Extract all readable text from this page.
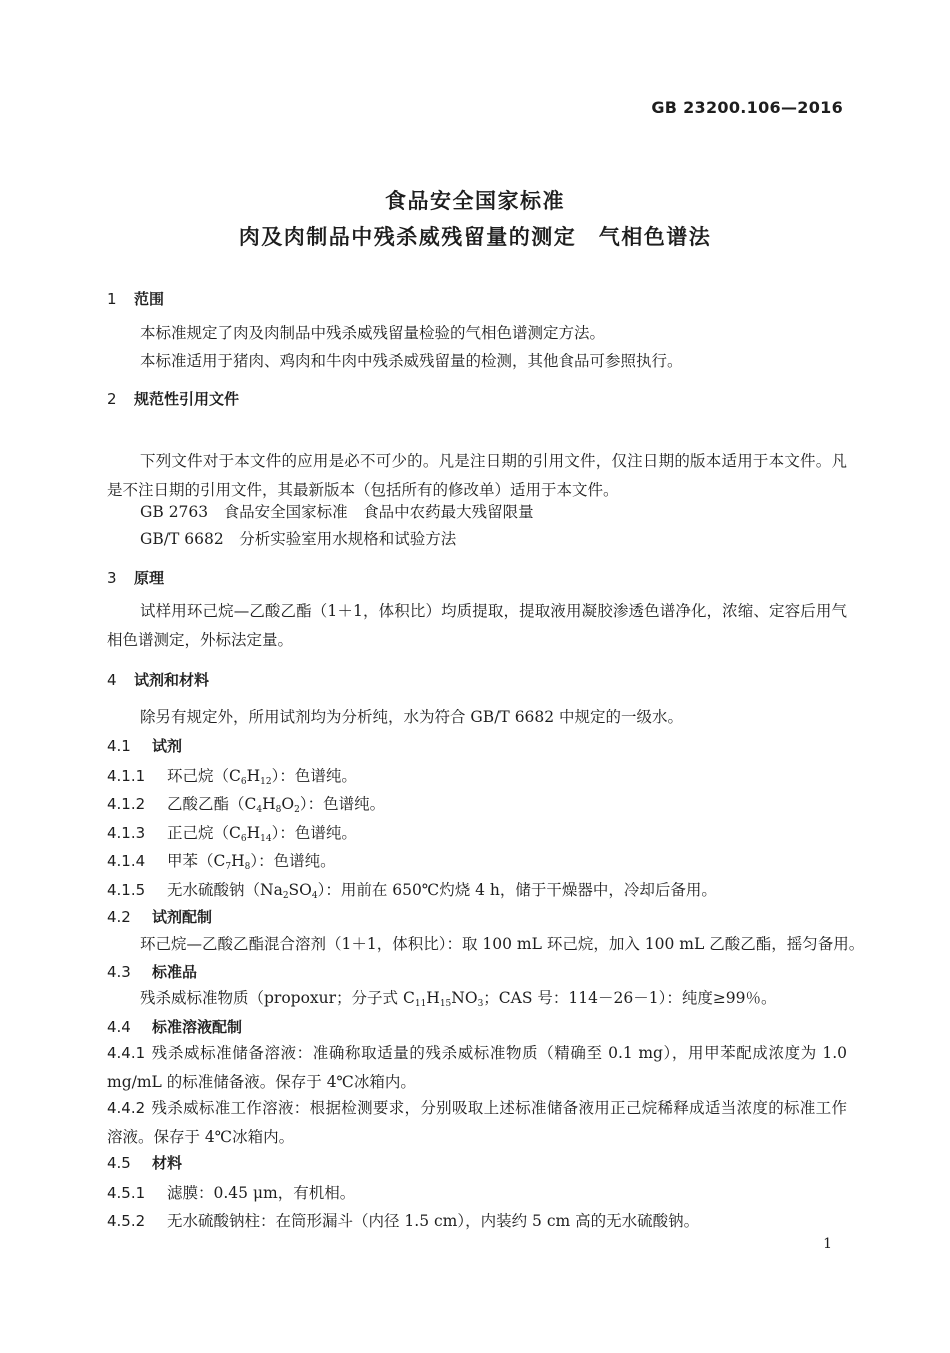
GB 23200.106—2016
食品安全国家标准
肉及肉制品中残杀威残留量的测定　气相色谱法
1 范围
本标准规定了肉及肉制品中残杀威残留量检验的气相色谱测定方法。
本标准适用于猪肉、鸡肉和牛肉中残杀威残留量的检测，其他食品可参照执行。
2 规范性引用文件
下列文件对于本文件的应用是必不可少的。凡是注日期的引用文件，仅注日期的版本适用于本文件。凡是不注日期的引用文件，其最新版本（包括所有的修改单）适用于本文件。
GB 2763　食品安全国家标准　食品中农药最大残留限量
GB/T 6682　分析实验室用水规格和试验方法
3 原理
试样用环己烷—乙酸乙酯（1＋1，体积比）均质提取，提取液用凝胶渗透色谱净化，浓缩、定容后用气相色谱测定，外标法定量。
4 试剂和材料
除另有规定外，所用试剂均为分析纯，水为符合 GB/T 6682 中规定的一级水。
4.1 试剂
4.1.1 环己烷$(C_6H_{12})$：色谱纯。
4.1.2 乙酸乙酯$(C_4H_8O_2)$：色谱纯。
4.1.3 正己烷$(C_6H_{14})$：色谱纯。
4.1.4 甲苯$(C_7H_8)$：色谱纯。
4.1.5 无水硫酸钠$(Na_2SO_4)$：用前在 650℃灼烧 4 h，储于干燥器中，冷却后备用。
4.2 试剂配制
环己烷—乙酸乙酯混合溶剂（1＋1，体积比）：取 100 mL 环己烷，加入 100 mL 乙酸乙酯，摇匀备用。
4.3 标准品
残杀威标准物质（propoxur；分子式 $C_{11}H_{15}NO_3$；CAS 号：114－26－1）：纯度≥99％。
4.4 标准溶液配制
4.4.1 残杀威标准储备溶液：准确称取适量的残杀威标准物质（精确至 0.1 mg），用甲苯配成浓度为 1.0 mg/mL 的标准储备液。保存于 4℃冰箱内。
4.4.2 残杀威标准工作溶液：根据检测要求，分别吸取上述标准储备液用正己烷稀释成适当浓度的标准工作溶液。保存于 4℃冰箱内。
4.5 材料
4.5.1 滤膜：0.45 μm，有机相。
4.5.2 无水硫酸钠柱：在筒形漏斗（内径 1.5 cm），内装约 5 cm 高的无水硫酸钠。
1
